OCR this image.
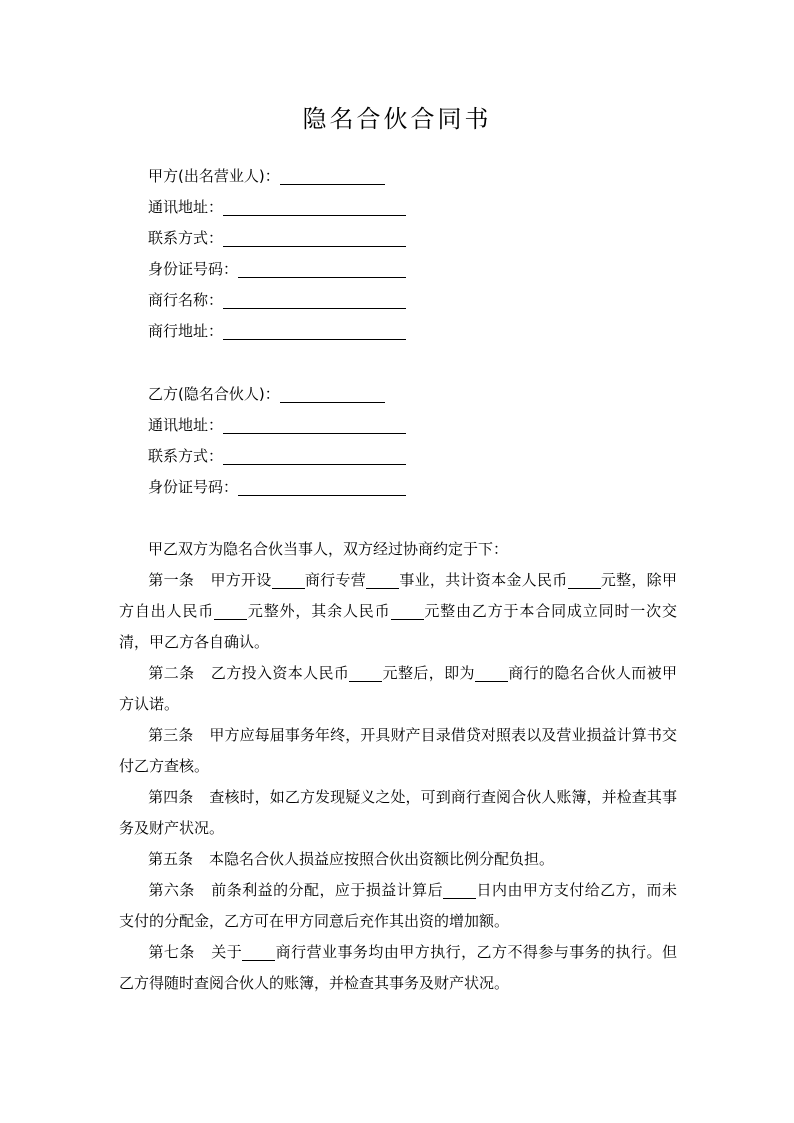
隐名合伙合同书
甲方(出名营业人)：
通讯地址：
联系方式：
身份证号码：
商行名称：
商行地址：
乙方(隐名合伙人)：
通讯地址：
联系方式：
身份证号码：
甲乙双方为隐名合伙当事人，双方经过协商约定于下：
第一条 甲方开设 商行专营 事业，共计资本金人民币 元整，除甲方自出人民币 元整外，其余人民币 元整由乙方于本合同成立同时一次交清，甲乙方各自确认。
第二条 乙方投入资本人民币 元整后，即为 商行的隐名合伙人而被甲方认诺。
第三条 甲方应每届事务年终，开具财产目录借贷对照表以及营业损益计算书交付乙方查核。
第四条 查核时，如乙方发现疑义之处，可到商行查阅合伙人账簿，并检查其事务及财产状况。
第五条 本隐名合伙人损益应按照合伙出资额比例分配负担。
第六条 前条利益的分配，应于损益计算后 日内由甲方支付给乙方，而未支付的分配金，乙方可在甲方同意后充作其出资的增加额。
第七条 关于 商行营业事务均由甲方执行，乙方不得参与事务的执行。但乙方得随时查阅合伙人的账簿，并检查其事务及财产状况。
